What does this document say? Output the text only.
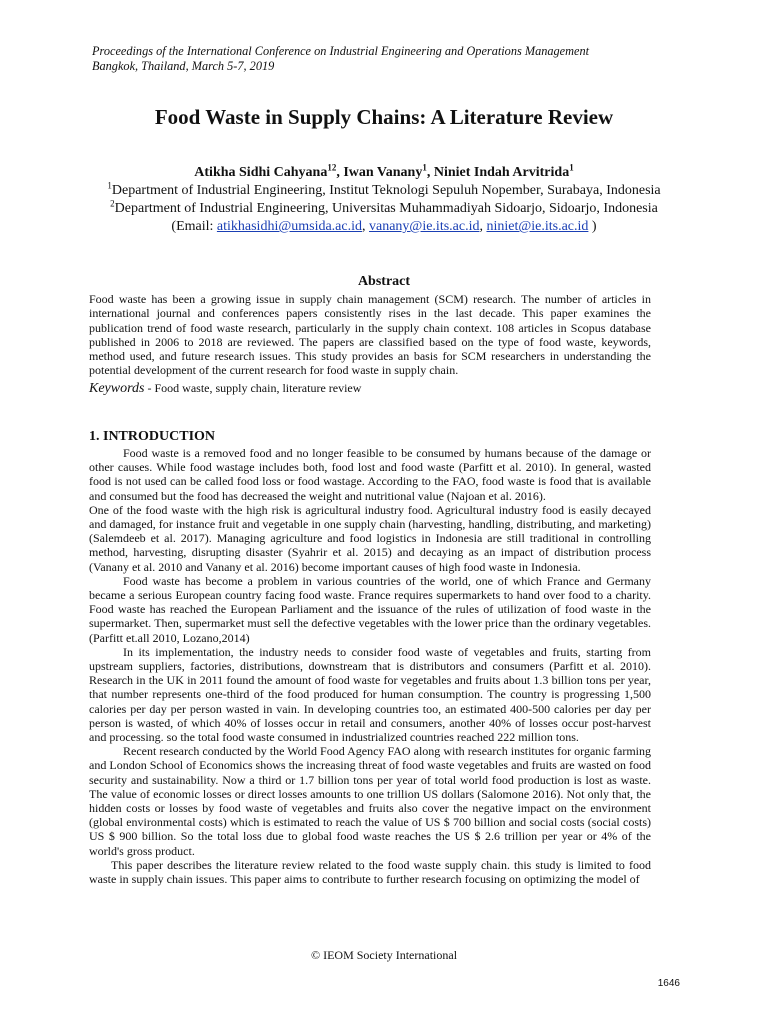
Proceedings of the International Conference on Industrial Engineering and Operations Management
Bangkok, Thailand, March 5-7, 2019
Food Waste in Supply Chains: A Literature Review
Atikha Sidhi Cahyana$^{12}$, Iwan Vanany$^1$, Niniet Indah Arvitrida$^1$
$^1$Department of Industrial Engineering, Institut Teknologi Sepuluh Nopember, Surabaya, Indonesia
$^2$Department of Industrial Engineering, Universitas Muhammadiyah Sidoarjo, Sidoarjo, Indonesia
(Email: atikhasidhi@umsida.ac.id, vanany@ie.its.ac.id, niniet@ie.its.ac.id )
Abstract
Food waste has been a growing issue in supply chain management (SCM) research. The number of articles in international journal and conferences papers consistently rises in the last decade. This paper examines the publication trend of food waste research, particularly in the supply chain context. 108 articles in Scopus database published in 2006 to 2018 are reviewed. The papers are classified based on the type of food waste, keywords, method used, and future research issues. This study provides an basis for SCM researchers in understanding the potential development of the current research for food waste in supply chain.
Keywords - Food waste, supply chain, literature review
1. INTRODUCTION

Food waste is a removed food and no longer feasible to be consumed by humans because of the damage or other causes. While food wastage includes both, food lost and food waste (Parfitt et al. 2010). In general, wasted food is not used can be called food loss or food wastage. According to the FAO, food waste is food that is available and consumed but the food has decreased the weight and nutritional value (Najoan et al. 2016).

One of the food waste with the high risk is agricultural industry food. Agricultural industry food is easily decayed and damaged, for instance fruit and vegetable in one supply chain (harvesting, handling, distributing, and marketing) (Salemdeeb et al. 2017). Managing agriculture and food logistics in Indonesia are still traditional in controlling method, harvesting, disrupting disaster (Syahrir et al. 2015) and decaying as an impact of distribution process (Vanany et al. 2010 and Vanany et al. 2016) become important causes of high food waste in Indonesia.

Food waste has become a problem in various countries of the world, one of which France and Germany became a serious European country facing food waste. France requires supermarkets to hand over food to a charity. Food waste has reached the European Parliament and the issuance of the rules of utilization of food waste in the supermarket. Then, supermarket must sell the defective vegetables with the lower price than the ordinary vegetables. (Parfitt et.all 2010, Lozano,2014)

In its implementation, the industry needs to consider food waste of vegetables and fruits, starting from upstream suppliers, factories, distributions, downstream that is distributors and consumers (Parfitt et al. 2010). Research in the UK in 2011 found the amount of food waste for vegetables and fruits about 1.3 billion tons per year, that number represents one-third of the food produced for human consumption. The country is progressing 1,500 calories per day per person wasted in vain. In developing countries too, an estimated 400-500 calories per day per person is wasted, of which 40% of losses occur in retail and consumers, another 40% of losses occur post-harvest and processing. so the total food waste consumed in industrialized countries reached 222 million tons.

Recent research conducted by the World Food Agency FAO along with research institutes for organic farming and London School of Economics shows the increasing threat of food waste vegetables and fruits are wasted on food security and sustainability. Now a third or 1.7 billion tons per year of total world food production is lost as waste. The value of economic losses or direct losses amounts to one trillion US dollars (Salomone 2016). Not only that, the hidden costs or losses by food waste of vegetables and fruits also cover the negative impact on the environment (global environmental costs) which is estimated to reach the value of US $ 700 billion and social costs (social costs) US $ 900 billion. So the total loss due to global food waste reaches the US $ 2.6 trillion per year or 4% of the world's gross product.

This paper describes the literature review related to the food waste supply chain. this study is limited to food waste in supply chain issues. This paper aims to contribute to further research focusing on optimizing the model of

© IEOM Society International
1646
